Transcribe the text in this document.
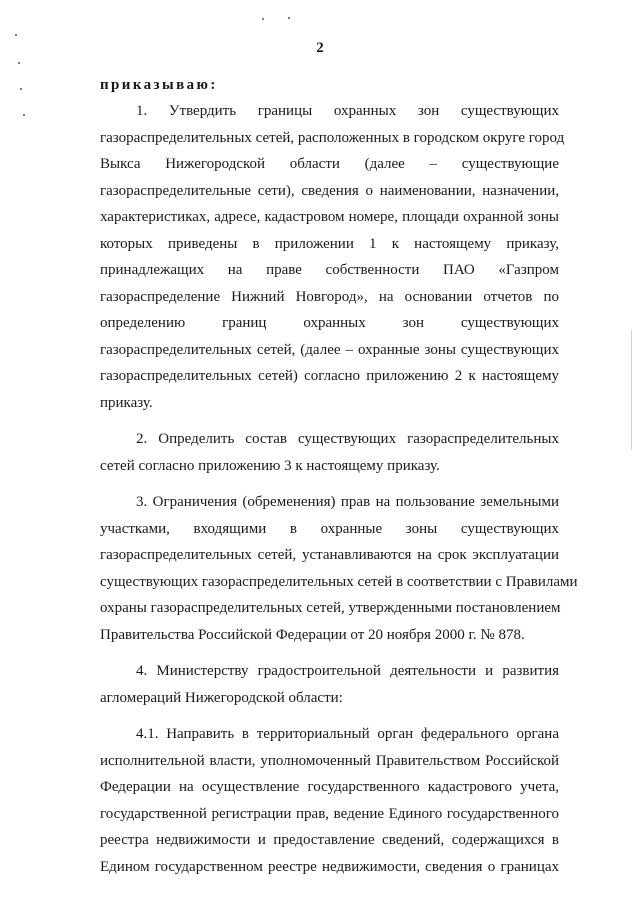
2
приказываю:
1. Утвердить границы охранных зон существующих
газораспределительных сетей, расположенных в городском округе город
Выкса Нижегородской области (далее – существующие
газораспределительные сети), сведения о наименовании, назначении,
характеристиках, адресе, кадастровом номере, площади охранной зоны
которых приведены в приложении 1 к настоящему приказу,
принадлежащих на праве собственности ПАО «Газпром
газораспределение Нижний Новгород», на основании отчетов по
определению границ охранных зон существующих
газораспределительных сетей, (далее – охранные зоны существующих
газораспределительных сетей) согласно приложению 2 к настоящему
приказу.
2. Определить состав существующих газораспределительных
сетей согласно приложению 3 к настоящему приказу.
3. Ограничения (обременения) прав на пользование земельными
участками, входящими в охранные зоны существующих
газораспределительных сетей, устанавливаются на срок эксплуатации
существующих газораспределительных сетей в соответствии с Правилами
охраны газораспределительных сетей, утвержденными постановлением
Правительства Российской Федерации от 20 ноября 2000 г. № 878.
4. Министерству градостроительной деятельности и развития
агломераций Нижегородской области:
4.1. Направить в территориальный орган федерального органа
исполнительной власти, уполномоченный Правительством Российской
Федерации на осуществление государственного кадастрового учета,
государственной регистрации прав, ведение Единого государственного
реестра недвижимости и предоставление сведений, содержащихся в
Едином государственном реестре недвижимости, сведения о границах
